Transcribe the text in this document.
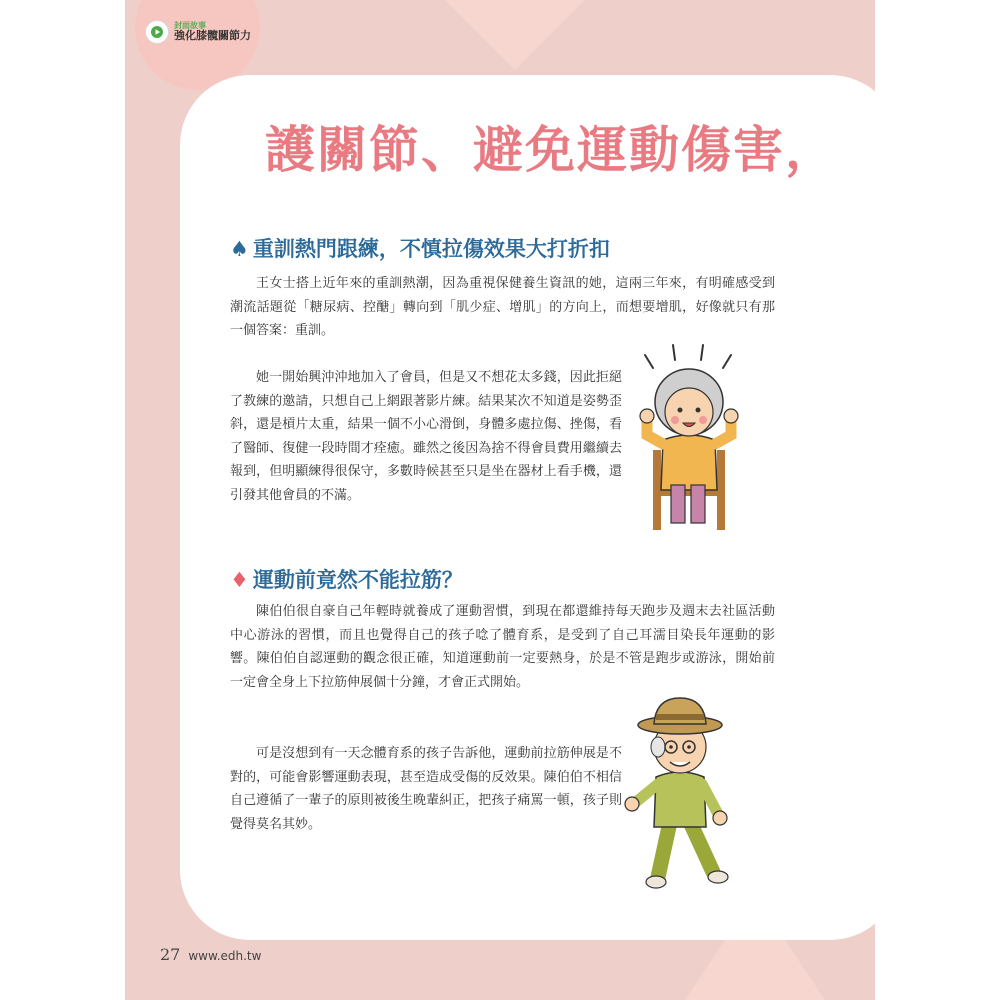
封面故事
強化膝髖關節力
護關節、避免運動傷害，
♠ 重訓熱門跟練，不慎拉傷效果大打折扣

王女士搭上近年來的重訓熱潮，因為重視保健養生資訊的她，這兩三年來，有明確感受到潮流話題從「糖尿病、控醣」轉向到「肌少症、增肌」的方向上，而想要增肌，好像就只有那一個答案：重訓。

她一開始興沖沖地加入了會員，但是又不想花太多錢，因此拒絕了教練的邀請，只想自己上網跟著影片練。結果某次不知道是姿勢歪斜，還是槓片太重，結果一個不小心滑倒，身體多處拉傷、挫傷，看了醫師、復健一段時間才痊癒。雖然之後因為捨不得會員費用繼續去報到，但明顯練得很保守，多數時候甚至只是坐在器材上看手機，還引發其他會員的不滿。

♦ 運動前竟然不能拉筋？

陳伯伯很自豪自己年輕時就養成了運動習慣，到現在都還維持每天跑步及週末去社區活動中心游泳的習慣，而且也覺得自己的孩子唸了體育系，是受到了自己耳濡目染長年運動的影響。陳伯伯自認運動的觀念很正確，知道運動前一定要熱身，於是不管是跑步或游泳，開始前一定會全身上下拉筋伸展個十分鐘，才會正式開始。

可是沒想到有一天念體育系的孩子告訴他，運動前拉筋伸展是不對的，可能會影響運動表現，甚至造成受傷的反效果。陳伯伯不相信自己遵循了一輩子的原則被後生晚輩糾正，把孩子痛罵一頓，孩子則覺得莫名其妙。

27 www.edh.tw
